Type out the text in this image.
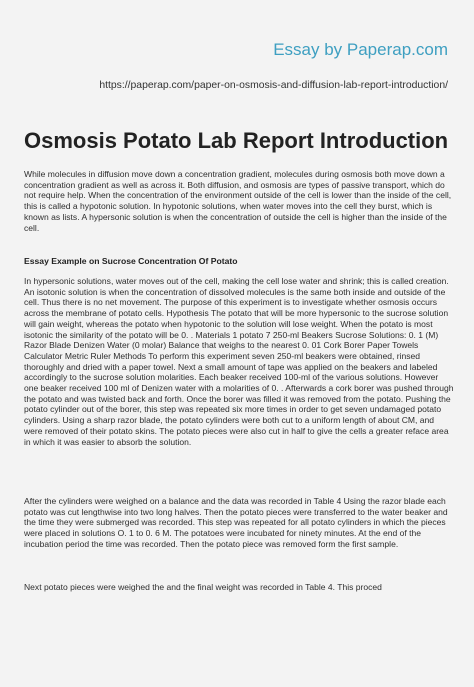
Essay by Paperap.com
https://paperap.com/paper-on-osmosis-and-diffusion-lab-report-introduction/
Osmosis Potato Lab Report Introduction

While molecules in diffusion move down a concentration gradient, molecules during osmosis both move down a concentration gradient as well as across it. Both diffusion, and osmosis are types of passive transport, which do not require help. When the concentration of the environment outside of the cell is lower than the inside of the cell, this is called a hypotonic solution. In hypotonic solutions, when water moves into the cell they burst, which is known as lists. A hypersonic solution is when the concentration of outside the cell is higher than the inside of the cell.

Essay Example on Sucrose Concentration Of Potato

In hypersonic solutions, water moves out of the cell, making the cell lose water and shrink; this is called creation. An isotonic solution is when the concentration of dissolved molecules is the same both inside and outside of the cell. Thus there is no net movement. The purpose of this experiment is to investigate whether osmosis occurs across the membrane of potato cells. Hypothesis The potato that will be more hypersonic to the sucrose solution will gain weight, whereas the potato when hypotonic to the solution will lose weight. When the potato is most isotonic the similarity of the potato will be 0. . Materials 1 potato 7 250-ml Beakers Sucrose Solutions: 0. 1 (M) Razor Blade Denizen Water (0 molar) Balance that weighs to the nearest 0. 01 Cork Borer Paper Towels Calculator Metric Ruler Methods To perform this experiment seven 250-ml beakers were obtained, rinsed thoroughly and dried with a paper towel. Next a small amount of tape was applied on the beakers and labeled accordingly to the sucrose solution molarities. Each beaker received 100-ml of the various solutions. However one beaker received 100 ml of Denizen water with a molarities of 0. . Afterwards a cork borer was pushed through the potato and was twisted back and forth. Once the borer was filled it was removed from the potato. Pushing the potato cylinder out of the borer, this step was repeated six more times in order to get seven undamaged potato cylinders. Using a sharp razor blade, the potato cylinders were both cut to a uniform length of about CM, and were removed of their potato skins. The potato pieces were also cut in half to give the cells a greater reface area in which it was easier to absorb the solution.

After the cylinders were weighed on a balance and the data was recorded in Table 4 Using the razor blade each potato was cut lengthwise into two long halves. Then the potato pieces were transferred to the water beaker and the time they were submerged was recorded. This step was repeated for all potato cylinders in which the pieces were placed in solutions O. 1 to 0. 6 M. The potatoes were incubated for ninety minutes. At the end of the incubation period the time was recorded. Then the potato piece was removed form the first sample.

Next potato pieces were weighed the and the final weight was recorded in Table 4. This proced
